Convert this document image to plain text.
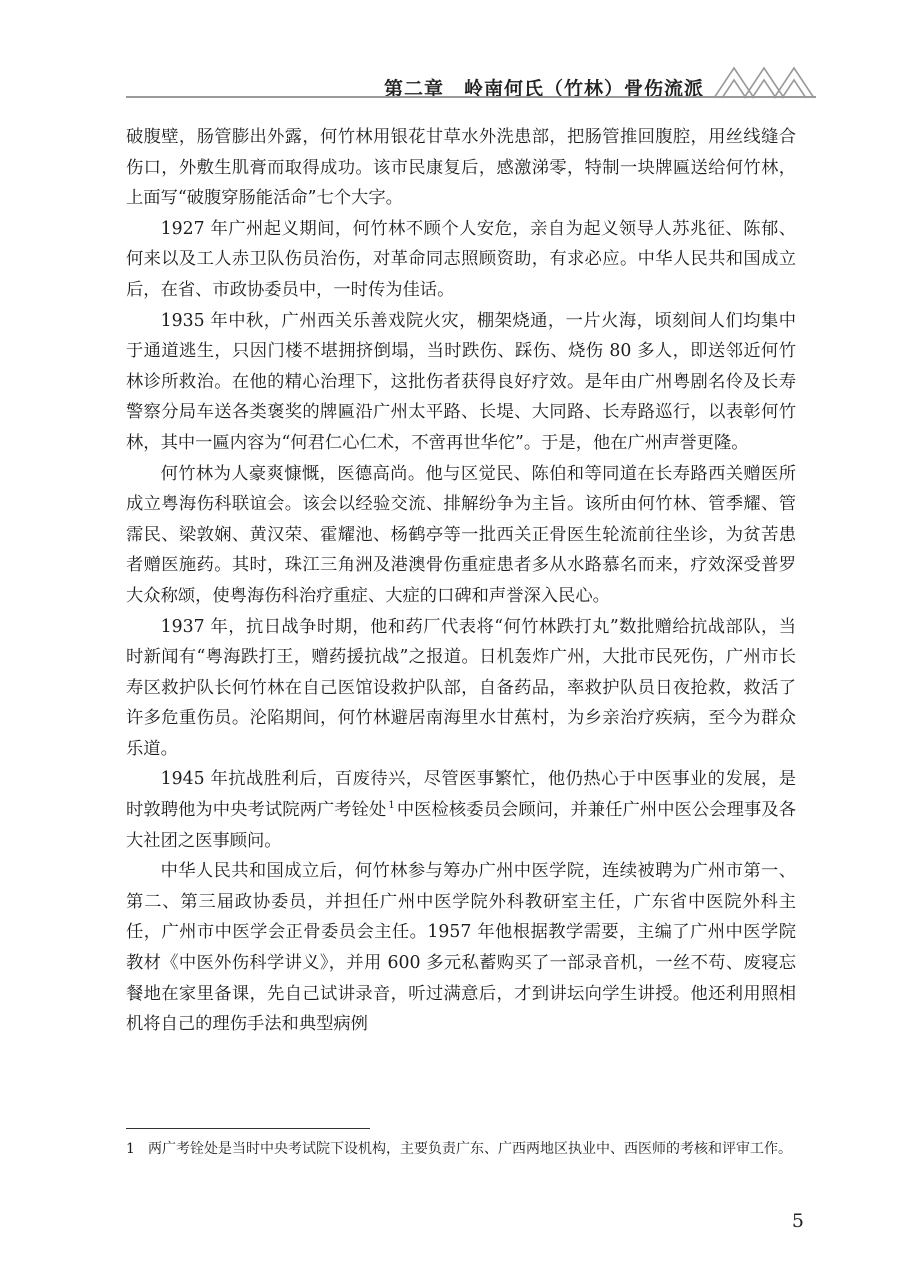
第二章　岭南何氏（竹林）骨伤流派

破腹壁，肠管膨出外露，何竹林用银花甘草水外洗患部，把肠管推回腹腔，用丝线缝合伤口，外敷生肌膏而取得成功。该市民康复后，感激涕零，特制一块牌匾送给何竹林，上面写“破腹穿肠能活命”七个大字。

1927 年广州起义期间，何竹林不顾个人安危，亲自为起义领导人苏兆征、陈郁、何来以及工人赤卫队伤员治伤，对革命同志照顾资助，有求必应。中华人民共和国成立后，在省、市政协委员中，一时传为佳话。

1935 年中秋，广州西关乐善戏院火灾，棚架烧通，一片火海，顷刻间人们均集中于通道逃生，只因门楼不堪拥挤倒塌，当时跌伤、踩伤、烧伤 80 多人，即送邻近何竹林诊所救治。在他的精心治理下，这批伤者获得良好疗效。是年由广州粤剧名伶及长寿警察分局车送各类褒奖的牌匾沿广州太平路、长堤、大同路、长寿路巡行，以表彰何竹林，其中一匾内容为“何君仁心仁术，不啻再世华佗”。于是，他在广州声誉更隆。

何竹林为人豪爽慷慨，医德高尚。他与区觉民、陈伯和等同道在长寿路西关赠医所成立粤海伤科联谊会。该会以经验交流、排解纷争为主旨。该所由何竹林、管季耀、管霈民、梁敦娴、黄汉荣、霍耀池、杨鹤亭等一批西关正骨医生轮流前往坐诊，为贫苦患者赠医施药。其时，珠江三角洲及港澳骨伤重症患者多从水路慕名而来，疗效深受普罗大众称颂，使粤海伤科治疗重症、大症的口碑和声誉深入民心。

1937 年，抗日战争时期，他和药厂代表将“何竹林跌打丸”数批赠给抗战部队，当时新闻有“粤海跌打王，赠药援抗战”之报道。日机轰炸广州，大批市民死伤，广州市长寿区救护队长何竹林在自己医馆设救护队部，自备药品，率救护队员日夜抢救，救活了许多危重伤员。沦陷期间，何竹林避居南海里水甘蕉村，为乡亲治疗疾病，至今为群众乐道。

1945 年抗战胜利后，百废待兴，尽管医事繁忙，他仍热心于中医事业的发展，是时敦聘他为中央考试院两广考铨处 $^1$ 中医检核委员会顾问，并兼任广州中医公会理事及各大社团之医事顾问。

中华人民共和国成立后，何竹林参与筹办广州中医学院，连续被聘为广州市第一、第二、第三届政协委员，并担任广州中医学院外科教研室主任，广东省中医院外科主任，广州市中医学会正骨委员会主任。1957 年他根据教学需要，主编了广州中医学院教材《中医外伤科学讲义》，并用 600 多元私蓄购买了一部录音机，一丝不苟、废寝忘餐地在家里备课，先自己试讲录音，听过满意后，才到讲坛向学生讲授。他还利用照相机将自己的理伤手法和典型病例

1 两广考铨处是当时中央考试院下设机构，主要负责广东、广西两地区执业中、西医师的考核和评审工作。
5
